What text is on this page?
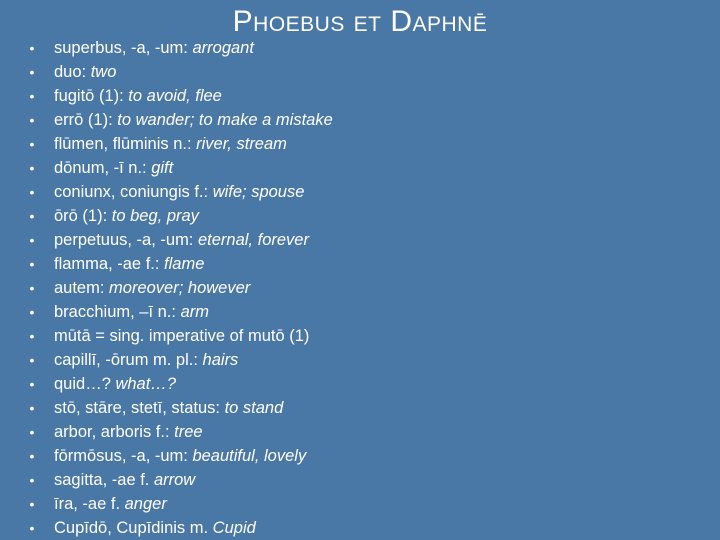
Phoebus et Daphnē
• superbus, -a, -um: arrogant
• duo: two
• fugitō (1): to avoid, flee
• errō (1): to wander; to make a mistake
• flūmen, flūminis n.: river, stream
• dōnum, -ī n.: gift
• coniunx, coniungis f.: wife; spouse
• ōrō (1): to beg, pray
• perpetuus, -a, -um: eternal, forever
• flamma, -ae f.: flame
• autem: moreover; however
• bracchium, –ī n.: arm
• mūtā = sing. imperative of mutō (1)
• capillī, -ōrum m. pl.: hairs
• quid…? what…?
• stō, stāre, stetī, status: to stand
• arbor, arboris f.: tree
• fōrmōsus, -a, -um: beautiful, lovely
• sagitta, -ae f. arrow
• īra, -ae f. anger
• Cupīdō, Cupīdinis m. Cupid
